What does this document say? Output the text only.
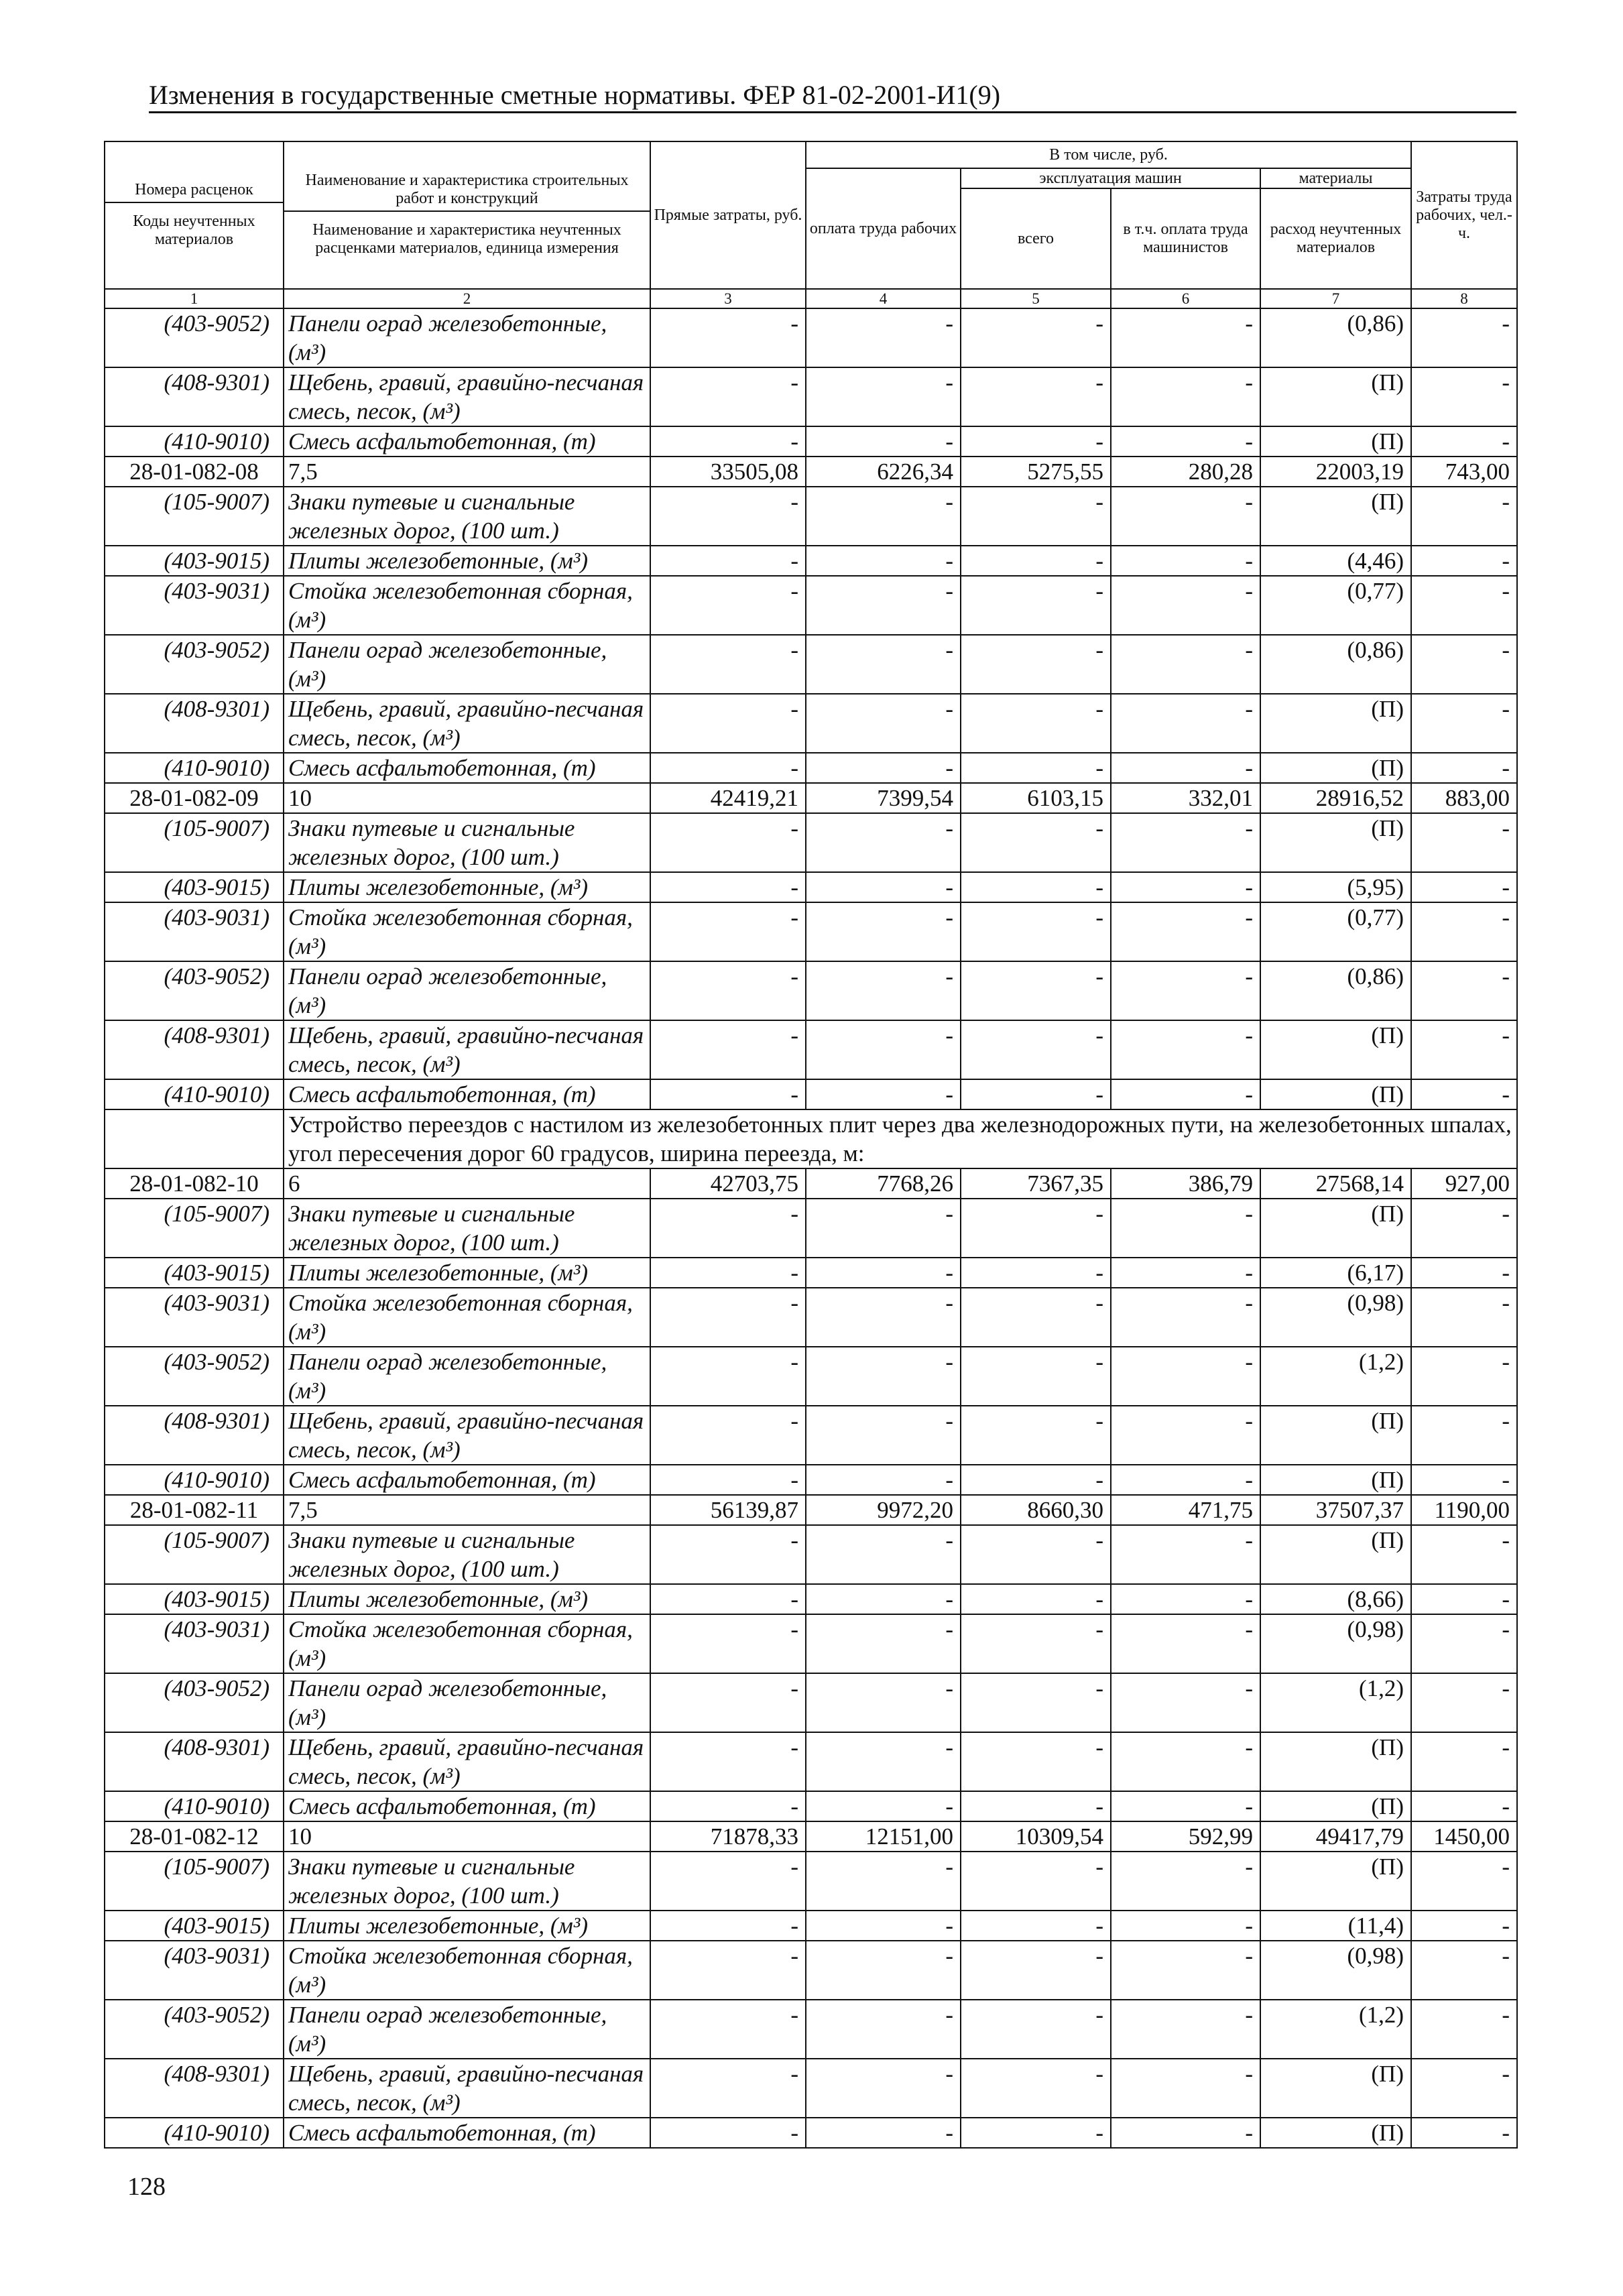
Изменения в государственные сметные нормативы. ФЕР 81-02-2001-И1(9)
Номера расценок
Коды неучтенных материалов	Наименование и характеристика строительных работ и конструкций
Наименование и характеристика неучтенных расценками материалов, единица измерения	Прямые затраты, руб.	В том числе, руб.				Затраты труда рабочих, чел.-ч.
			оплата труда рабочих	эксплуатация машин		материалы	
				всего	в т.ч. оплата труда машинистов	расход неучтенных материалов	
1	2	3	4	5	6	7	8
(403-9052)	Панели оград железобетонные, (м³)	-	-	-	-	(0,86)	-
(408-9301)	Щебень, гравий, гравийно-песчаная смесь, песок, (м³)	-	-	-	-	(П)	-
(410-9010)	Смесь асфальтобетонная, (т)	-	-	-	-	(П)	-
28-01-082-08	7,5	33505,08	6226,34	5275,55	280,28	22003,19	743,00
(105-9007)	Знаки путевые и сигнальные железных дорог, (100 шт.)	-	-	-	-	(П)	-
(403-9015)	Плиты железобетонные, (м³)	-	-	-	-	(4,46)	-
(403-9031)	Стойка железобетонная сборная, (м³)	-	-	-	-	(0,77)	-
(403-9052)	Панели оград железобетонные, (м³)	-	-	-	-	(0,86)	-
(408-9301)	Щебень, гравий, гравийно-песчаная смесь, песок, (м³)	-	-	-	-	(П)	-
(410-9010)	Смесь асфальтобетонная, (т)	-	-	-	-	(П)	-
28-01-082-09	10	42419,21	7399,54	6103,15	332,01	28916,52	883,00
(105-9007)	Знаки путевые и сигнальные железных дорог, (100 шт.)	-	-	-	-	(П)	-
(403-9015)	Плиты железобетонные, (м³)	-	-	-	-	(5,95)	-
(403-9031)	Стойка железобетонная сборная, (м³)	-	-	-	-	(0,77)	-
(403-9052)	Панели оград железобетонные, (м³)	-	-	-	-	(0,86)	-
(408-9301)	Щебень, гравий, гравийно-песчаная смесь, песок, (м³)	-	-	-	-	(П)	-
(410-9010)	Смесь асфальтобетонная, (т)	-	-	-	-	(П)	-
	Устройство переездов с настилом из железобетонных плит через два железнодорожных пути, на железобетонных шпалах, угол пересечения дорог 60 градусов, ширина переезда, м:						
28-01-082-10	6	42703,75	7768,26	7367,35	386,79	27568,14	927,00
(105-9007)	Знаки путевые и сигнальные железных дорог, (100 шт.)	-	-	-	-	(П)	-
(403-9015)	Плиты железобетонные, (м³)	-	-	-	-	(6,17)	-
(403-9031)	Стойка железобетонная сборная, (м³)	-	-	-	-	(0,98)	-
(403-9052)	Панели оград железобетонные, (м³)	-	-	-	-	(1,2)	-
(408-9301)	Щебень, гравий, гравийно-песчаная смесь, песок, (м³)	-	-	-	-	(П)	-
(410-9010)	Смесь асфальтобетонная, (т)	-	-	-	-	(П)	-
28-01-082-11	7,5	56139,87	9972,20	8660,30	471,75	37507,37	1190,00
(105-9007)	Знаки путевые и сигнальные железных дорог, (100 шт.)	-	-	-	-	(П)	-
(403-9015)	Плиты железобетонные, (м³)	-	-	-	-	(8,66)	-
(403-9031)	Стойка железобетонная сборная, (м³)	-	-	-	-	(0,98)	-
(403-9052)	Панели оград железобетонные, (м³)	-	-	-	-	(1,2)	-
(408-9301)	Щебень, гравий, гравийно-песчаная смесь, песок, (м³)	-	-	-	-	(П)	-
(410-9010)	Смесь асфальтобетонная, (т)	-	-	-	-	(П)	-
28-01-082-12	10	71878,33	12151,00	10309,54	592,99	49417,79	1450,00
(105-9007)	Знаки путевые и сигнальные железных дорог, (100 шт.)	-	-	-	-	(П)	-
(403-9015)	Плиты железобетонные, (м³)	-	-	-	-	(11,4)	-
(403-9031)	Стойка железобетонная сборная, (м³)	-	-	-	-	(0,98)	-
(403-9052)	Панели оград железобетонные, (м³)	-	-	-	-	(1,2)	-
(408-9301)	Щебень, гравий, гравийно-песчаная смесь, песок, (м³)	-	-	-	-	(П)	-
(410-9010)	Смесь асфальтобетонная, (т)	-	-	-	-	(П)	-
128
